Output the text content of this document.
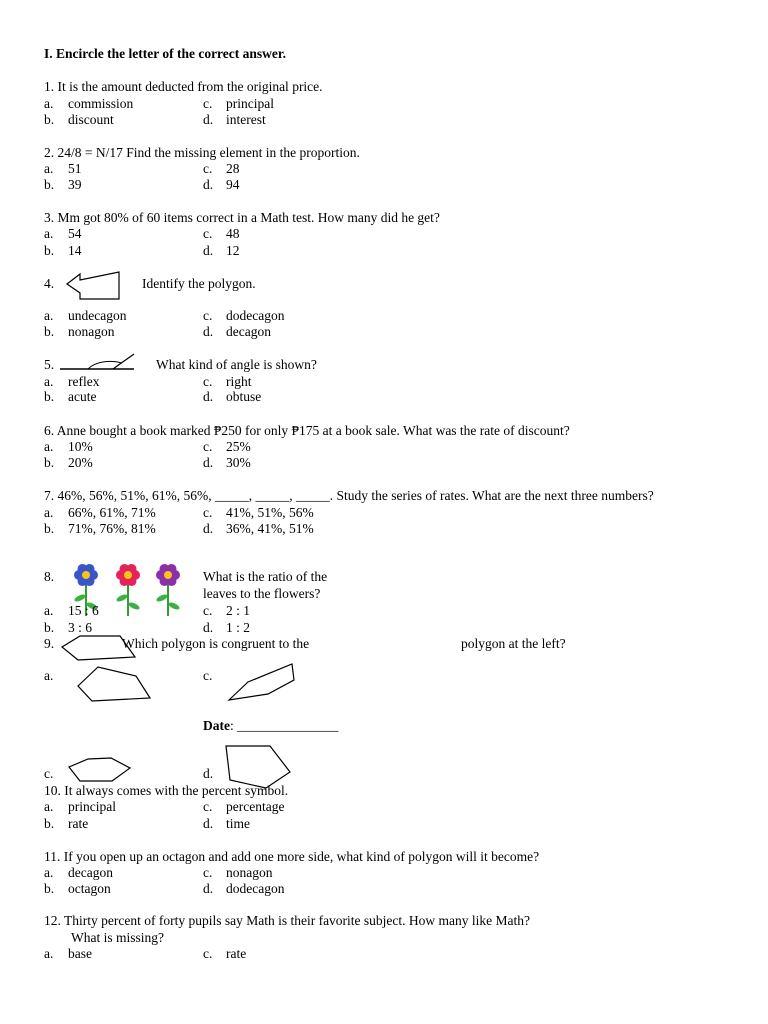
I. Encircle the letter of the correct answer.
1. It is the amount deducted from the original price.
a. commission	c. principal
b. discount	d. interest
2. 24/8 = N/17 Find the missing element in the proportion.
a. 51	c. 28
b. 39	d. 94
3. Mm got 80% of 60 items correct in a Math test. How many did he get?
a. 54	c. 48
b. 14	d. 12
4.	Identify the polygon.
a. undecagon	c. dodecagon
b. nonagon	d. decagon
5.	What kind of angle is shown?
a. reflex	c. right
b. acute	d. obtuse
6. Anne bought a book marked ₱250 for only ₱175 at a book sale. What was the rate of discount?
a. 10%	c. 25%
b. 20%	d. 30%
7. 46%, 56%, 51%, 61%, 56%, _____, _____, _____. Study the series of rates. What are the next three numbers?
a. 66%, 61%, 71%	c. 41%, 51%, 56%
b. 71%, 76%, 81%	d. 36%, 41%, 51%
8.	What is the ratio of the
leaves to the flowers?
a. 15 : 6	c. 2 : 1
b. 3 : 6	d. 1 : 2
9.	Which polygon is congruent to the	polygon at the left?
a.	c.
Date: _______________
c.	d.
10. It always comes with the percent symbol.
a. principal	c. percentage
b. rate	d. time
11. If you open up an octagon and add one more side, what kind of polygon will it become?
a. decagon	c. nonagon
b. octagon	d. dodecagon
12. Thirty percent of forty pupils say Math is their favorite subject. How many like Math?
What is missing?
a. base	c. rate
